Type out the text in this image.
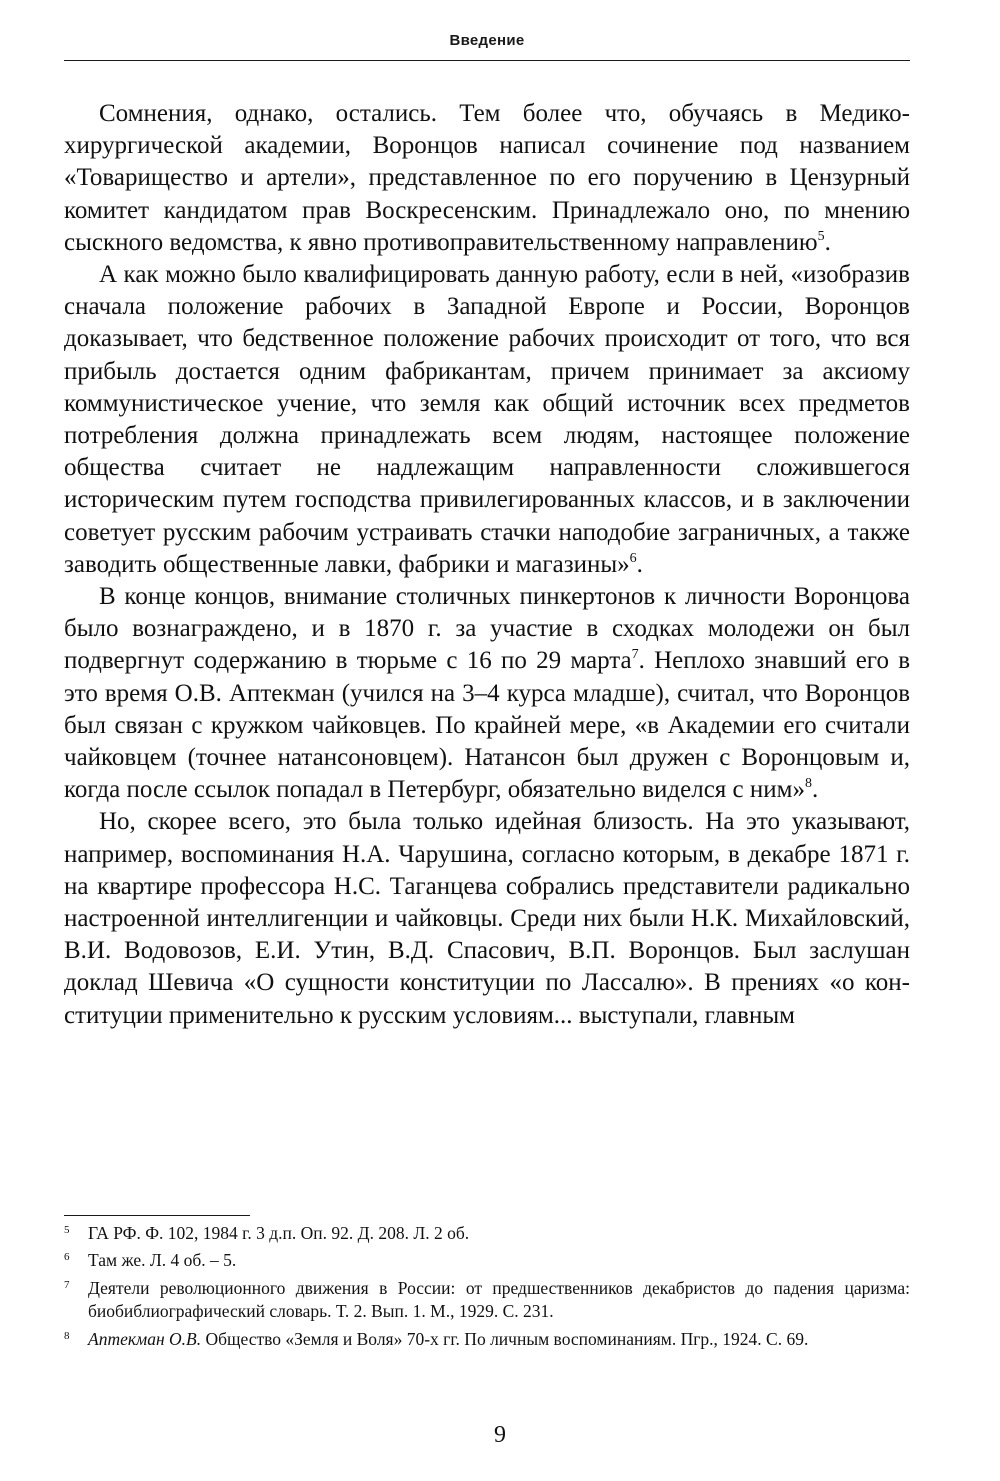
Введение

Сомнения, однако, остались. Тем более что, обучаясь в Медикохирургической академии, Воронцов написал сочинение под названием «Товарищество и артели», представленное по его поручению в Цензурный комитет кандидатом прав Воскресенским. Принадлежало оно, по мнению сыскного ведомства, к явно противоправительственному направлению$^5$.

А как можно было квалифицировать данную работу, если в ней, «изобразив сначала положение рабочих в Западной Европе и России, Воронцов доказывает, что бедственное положение рабочих происходит от того, что вся прибыль достается одним фабрикантам, причем принимает за аксиому коммунистическое учение, что земля как общий источник всех предметов потребления должна принадлежать всем людям, настоящее положение общества считает не надлежащим направленности сложившегося историческим путем господства привилегированных классов, и в заключении советует русским рабочим устраивать стачки наподобие заграничных, а также заводить общественные лавки, фабрики и магазины»$^6$.

В конце концов, внимание столичных пинкертонов к личности Воронцова было вознаграждено, и в 1870 г. за участие в сходках молодежи он был подвергнут содержанию в тюрьме с 16 по 29 марта$^7$. Неплохо знавший его в это время О.В. Аптекман (учился на 3–4 курса младше), считал, что Воронцов был связан с кружком чайковцев. По крайней мере, «в Академии его считали чайковцем (точнее натансоновцем). Натансон был дружен с Воронцовым и, когда после ссылок попадал в Петербург, обязательно виделся с ним»$^8$.

Но, скорее всего, это была только идейная близость. На это указывают, например, воспоминания Н.А. Чарушина, согласно которым, в декабре 1871 г. на квартире профессора Н.С. Таганцева собрались представители радикально настроенной интеллигенции и чайковцы. Среди них были Н.К. Михайловский, В.И. Водовозов, Е.И. Утин, В.Д. Спасович, В.П. Воронцов. Был заслушан доклад Шевича «О сущности конституции по Лассалю». В прениях «о конституции применительно к русским условиям... выступали, главным

5 ГА РФ. Ф. 102, 1984 г. 3 д.п. Оп. 92. Д. 208. Л. 2 об.
6 Там же. Л. 4 об. – 5.
7 Деятели революционного движения в России: от предшественников декабристов до падения царизма: биобиблиографический словарь. Т. 2. Вып. 1. М., 1929. С. 231.
8 Аптекман О.В. Общество «Земля и Воля» 70-х гг. По личным воспоминаниям. Пгр., 1924. С. 69.
9
